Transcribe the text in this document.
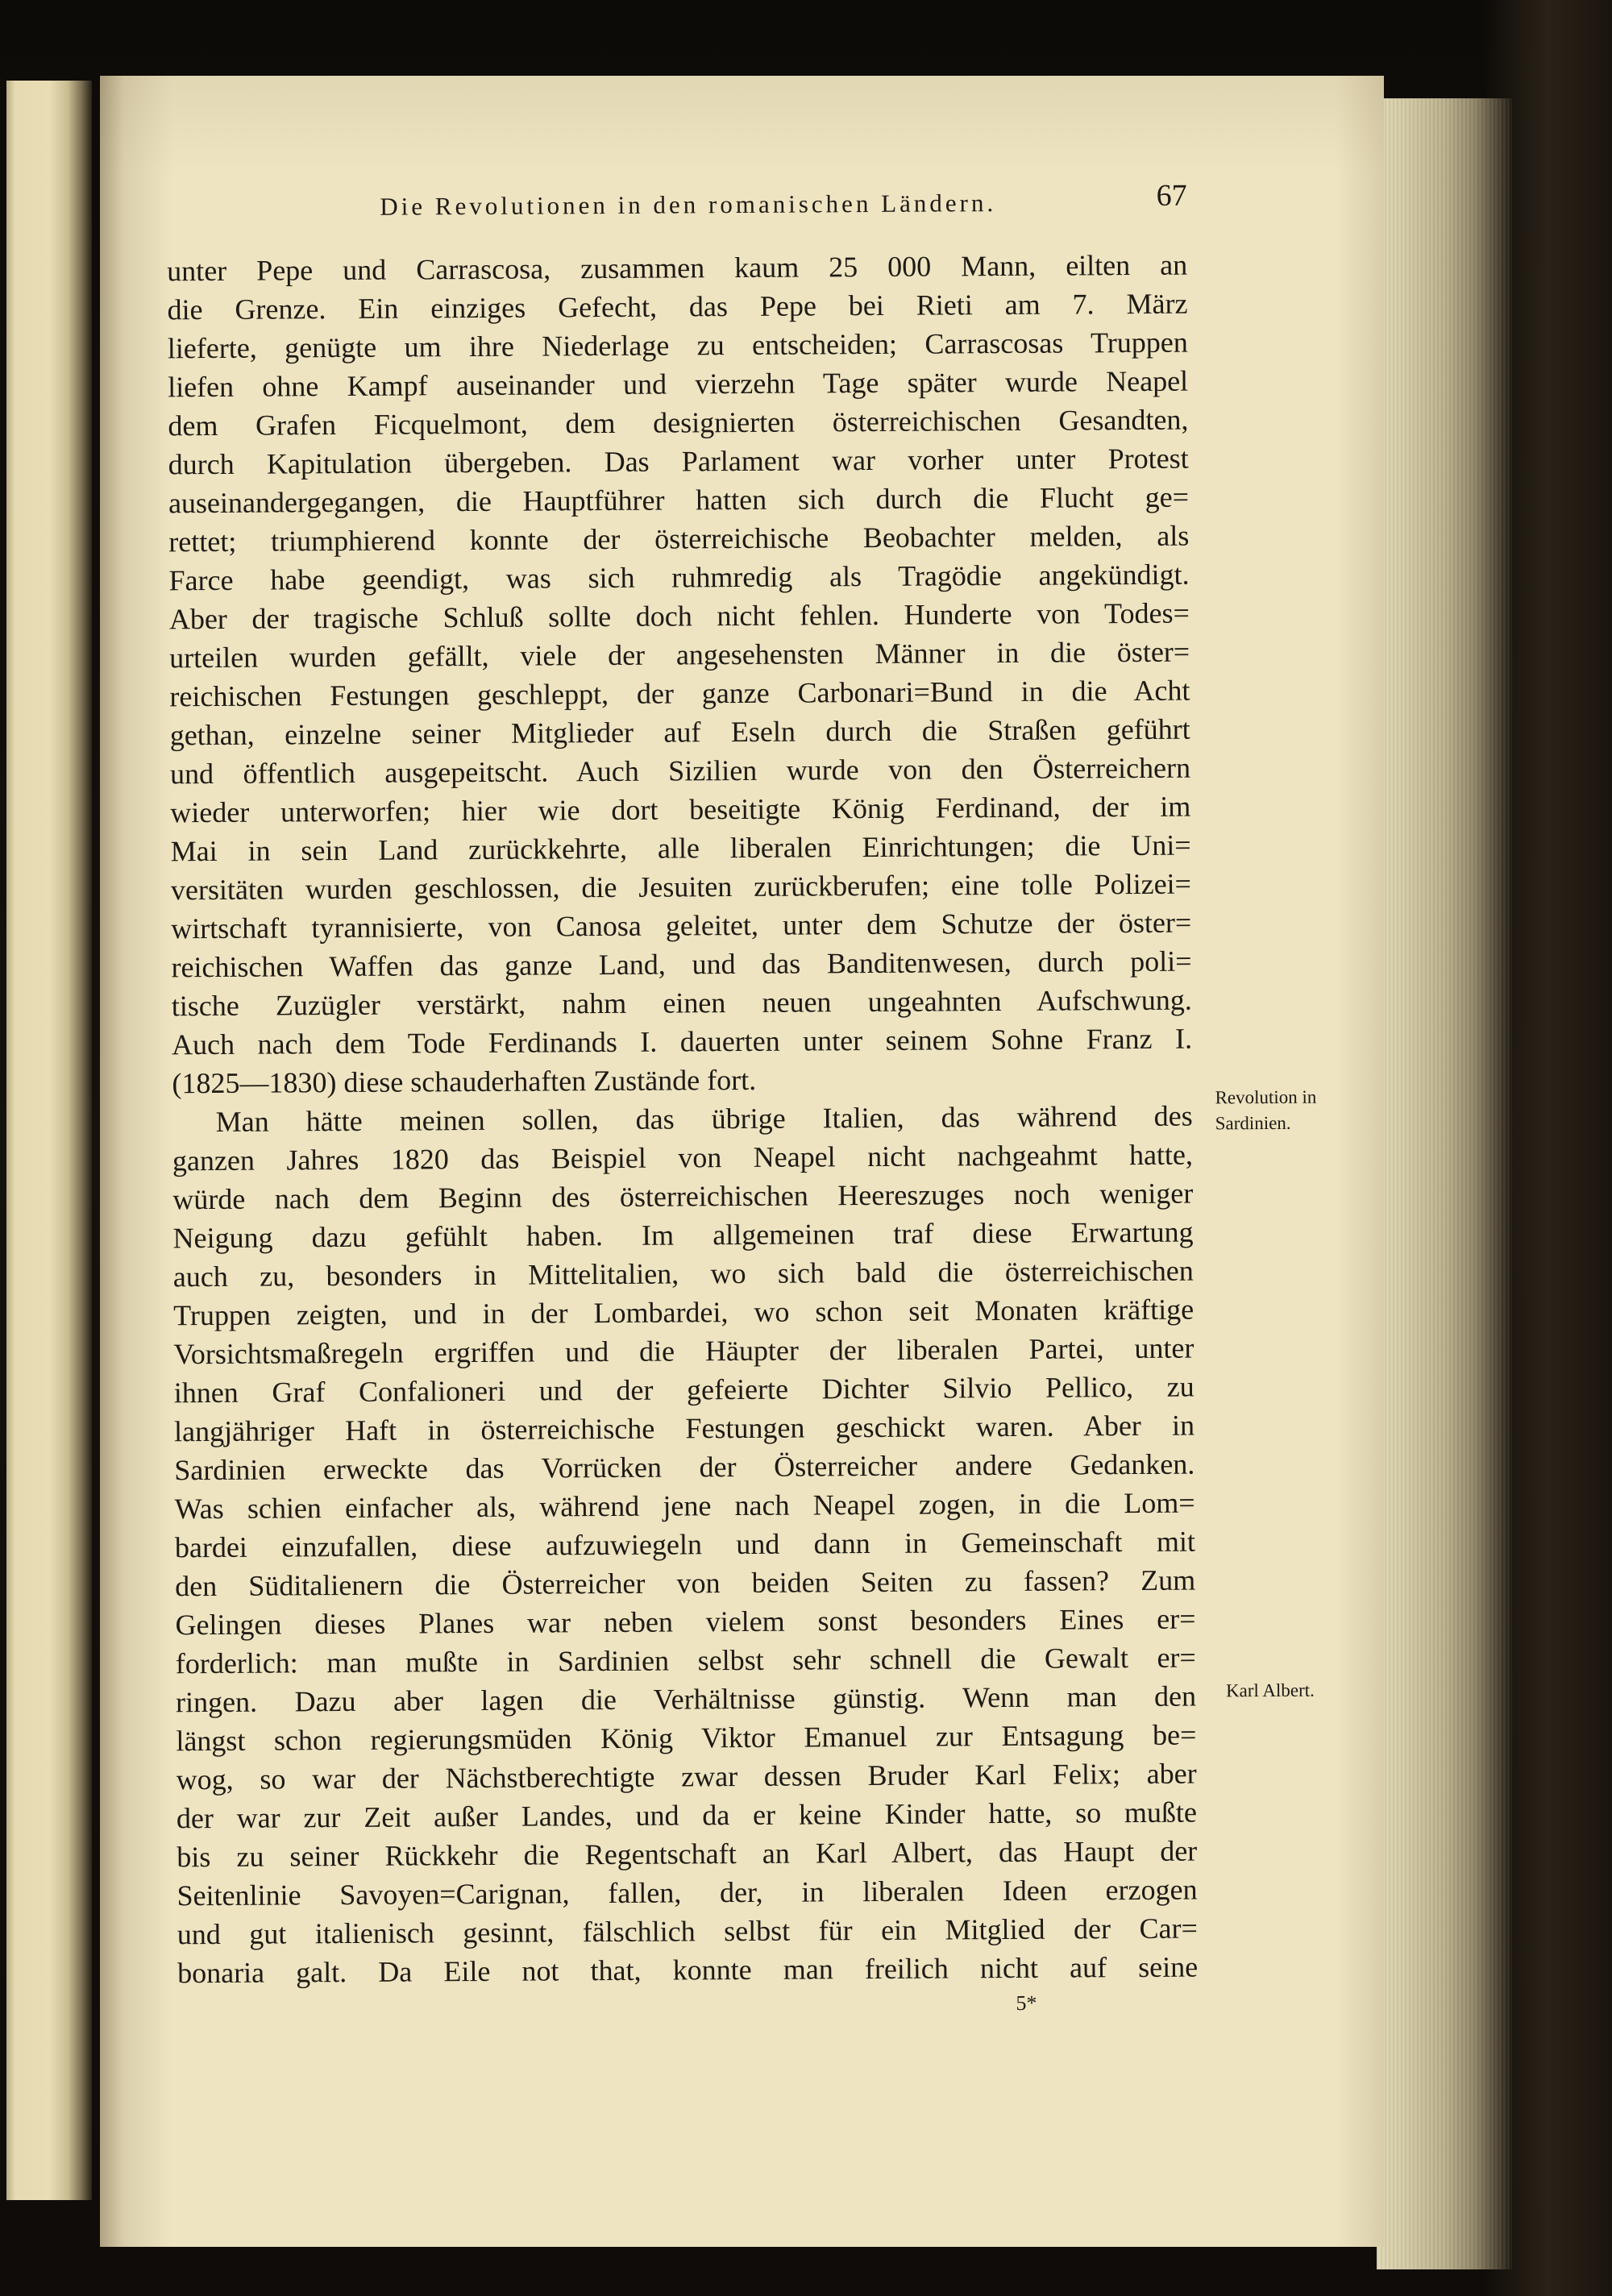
Die Revolutionen in den romanischen Ländern.	67
unter Pepe und Carrascosa, zusammen kaum 25 000 Mann, eilten an
die Grenze. Ein einziges Gefecht, das Pepe bei Rieti am 7. März
lieferte, genügte um ihre Niederlage zu entscheiden; Carrascosas Truppen
liefen ohne Kampf auseinander und vierzehn Tage später wurde Neapel
dem Grafen Ficquelmont, dem designierten österreichischen Gesandten,
durch Kapitulation übergeben. Das Parlament war vorher unter Protest
auseinandergegangen, die Hauptführer hatten sich durch die Flucht ge=
rettet; triumphierend konnte der österreichische Beobachter melden, als
Farce habe geendigt, was sich ruhmredig als Tragödie angekündigt.
Aber der tragische Schluß sollte doch nicht fehlen. Hunderte von Todes=
urteilen wurden gefällt, viele der angesehensten Männer in die öster=
reichischen Festungen geschleppt, der ganze Carbonari=Bund in die Acht
gethan, einzelne seiner Mitglieder auf Eseln durch die Straßen geführt
und öffentlich ausgepeitscht. Auch Sizilien wurde von den Österreichern
wieder unterworfen; hier wie dort beseitigte König Ferdinand, der im
Mai in sein Land zurückkehrte, alle liberalen Einrichtungen; die Uni=
versitäten wurden geschlossen, die Jesuiten zurückberufen; eine tolle Polizei=
wirtschaft tyrannisierte, von Canosa geleitet, unter dem Schutze der öster=
reichischen Waffen das ganze Land, und das Banditenwesen, durch poli=
tische Zuzügler verstärkt, nahm einen neuen ungeahnten Aufschwung.
Auch nach dem Tode Ferdinands I. dauerten unter seinem Sohne Franz I.
(1825—1830) diese schauderhaften Zustände fort.
Man hätte meinen sollen, das übrige Italien, das während des
ganzen Jahres 1820 das Beispiel von Neapel nicht nachgeahmt hatte,
würde nach dem Beginn des österreichischen Heereszuges noch weniger
Neigung dazu gefühlt haben. Im allgemeinen traf diese Erwartung
auch zu, besonders in Mittelitalien, wo sich bald die österreichischen
Truppen zeigten, und in der Lombardei, wo schon seit Monaten kräftige
Vorsichtsmaßregeln ergriffen und die Häupter der liberalen Partei, unter
ihnen Graf Confalioneri und der gefeierte Dichter Silvio Pellico, zu
langjähriger Haft in österreichische Festungen geschickt waren. Aber in
Sardinien erweckte das Vorrücken der Österreicher andere Gedanken.
Was schien einfacher als, während jene nach Neapel zogen, in die Lom=
bardei einzufallen, diese aufzuwiegeln und dann in Gemeinschaft mit
den Süditalienern die Österreicher von beiden Seiten zu fassen? Zum
Gelingen dieses Planes war neben vielem sonst besonders Eines er=
forderlich: man mußte in Sardinien selbst sehr schnell die Gewalt er=
ringen. Dazu aber lagen die Verhältnisse günstig. Wenn man den
längst schon regierungsmüden König Viktor Emanuel zur Entsagung be=
wog, so war der Nächstberechtigte zwar dessen Bruder Karl Felix; aber
der war zur Zeit außer Landes, und da er keine Kinder hatte, so mußte
bis zu seiner Rückkehr die Regentschaft an Karl Albert, das Haupt der
Seitenlinie Savoyen=Carignan, fallen, der, in liberalen Ideen erzogen
und gut italienisch gesinnt, fälschlich selbst für ein Mitglied der Car=
bonaria galt. Da Eile not that, konnte man freilich nicht auf seine
Revolution in
Sardinien.
Karl Albert.
5*
